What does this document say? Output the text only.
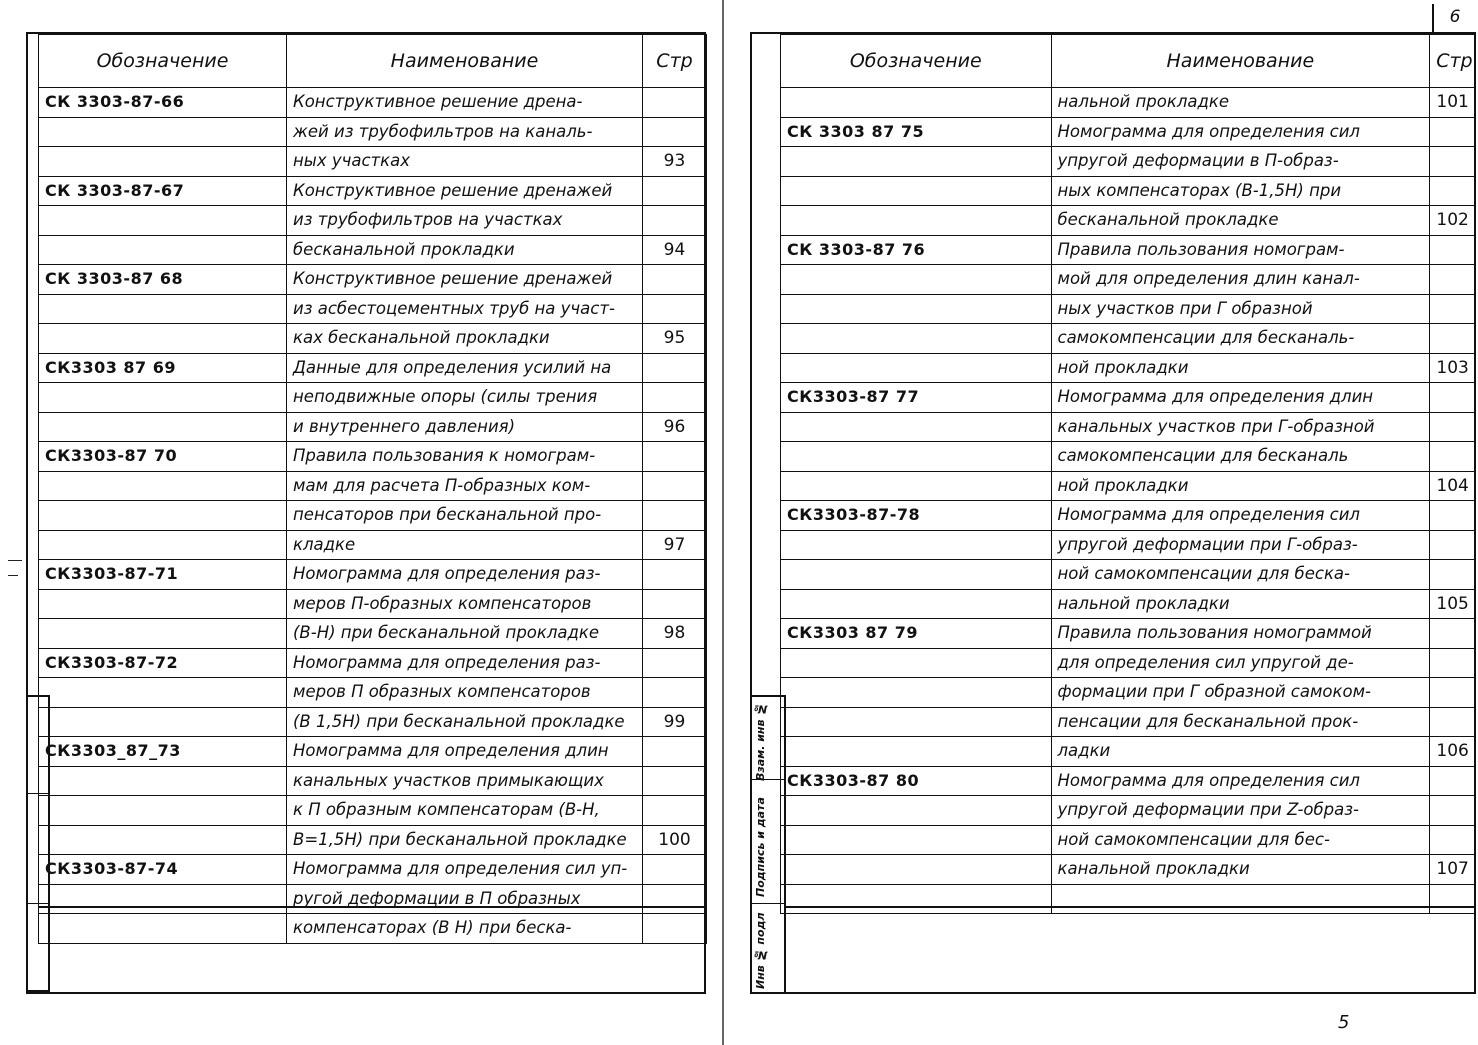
Обозначение	Наименование	Стр
СК 3303-87-66	Конструктивное решение дрена-	
	жей из трубофильтров на каналь-	
	ных участках	93
СК 3303-87-67	Конструктивное решение дренажей	
	из трубофильтров на участках	
	бесканальной прокладки	94
СК 3303-87 68	Конструктивное решение дренажей	
	из асбестоцементных труб на участ-	
	ках бесканальной прокладки	95
СК3303 87 69	Данные для определения усилий на	
	неподвижные опоры (силы трения	
	и внутреннего давления)	96
СК3303-87 70	Правила пользования к номограм-	
	мам для расчета П-образных ком-	
	пенсаторов при бесканальной про-	
	кладке	97
СК3303-87-71	Номограмма для определения раз-	
	меров П-образных компенсаторов	
	(В-Н) при бесканальной прокладке	98
СК3303-87-72	Номограмма для определения раз-	
	меров П образных компенсаторов	
	(В 1,5Н) при бесканальной прокладке	99
СК3303_87_73	Номограмма для определения длин	
	канальных участков примыкающих	
	к П образным компенсаторам (В-Н,	
	В=1,5Н) при бесканальной прокладке	100
СК3303-87-74	Номограмма для определения сил уп-	
	ругой деформации в П образных	
	компенсаторах (В Н) при беска-	
6
Обозначение	Наименование	Стр
	нальной прокладке	101
СК 3303 87 75	Номограмма для определения сил	
	упругой деформации в П-образ-	
	ных компенсаторах (В-1,5Н) при	
	бесканальной прокладке	102
СК 3303-87 76	Правила пользования номограм-	
	мой для определения длин канал-	
	ных участков при Г образной	
	самокомпенсации для бесканаль-	
	ной прокладки	103
СК3303-87 77	Номограмма для определения длин	
	канальных участков при Г-образной	
	самокомпенсации для бесканаль	
	ной прокладки	104
СК3303-87-78	Номограмма для определения сил	
	упругой деформации при Г-образ-	
	ной самокомпенсации для беска-	
	нальной прокладки	105
СК3303 87 79	Правила пользования номограммой	
	для определения сил упругой де-	
	формации при Г образной самоком-	
	пенсации для бесканальной прок-	
	ладки	106
СК3303-87 80	Номограмма для определения сил	
	упругой деформации при Z-образ-	
	ной самокомпенсации для бес-	
	канальной прокладки	107

Взам. инв №
Подпись и дата
Инв № подл
5
